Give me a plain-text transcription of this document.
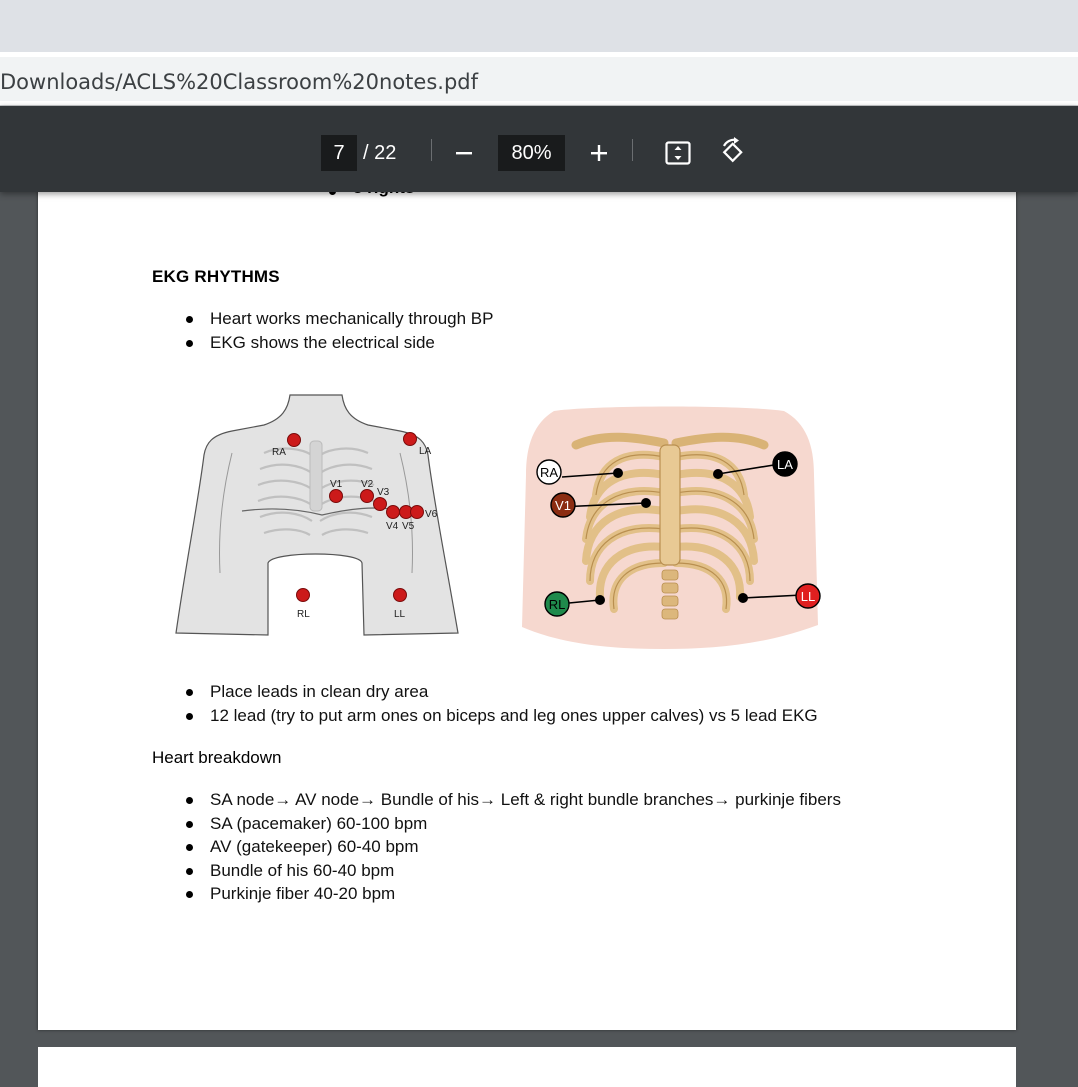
Downloads/ACLS%20Classroom%20notes.pdf
7 / 22	80%
EKG RHYTHMS
Heart works mechanically through BP
EKG shows the electrical side
RA	LA
V1 V2
V3
V6
V4 V5
RL	LL
RA
LA
V1
RL
LL
Place leads in clean dry area
12 lead (try to put arm ones on biceps and leg ones upper calves) vs 5 lead EKG
Heart breakdown
SA node→ AV node→ Bundle of his→ Left & right bundle branches→ purkinje fibers
SA (pacemaker) 60-100 bpm
AV (gatekeeper) 60-40 bpm
Bundle of his 60-40 bpm
Purkinje fiber 40-20 bpm
